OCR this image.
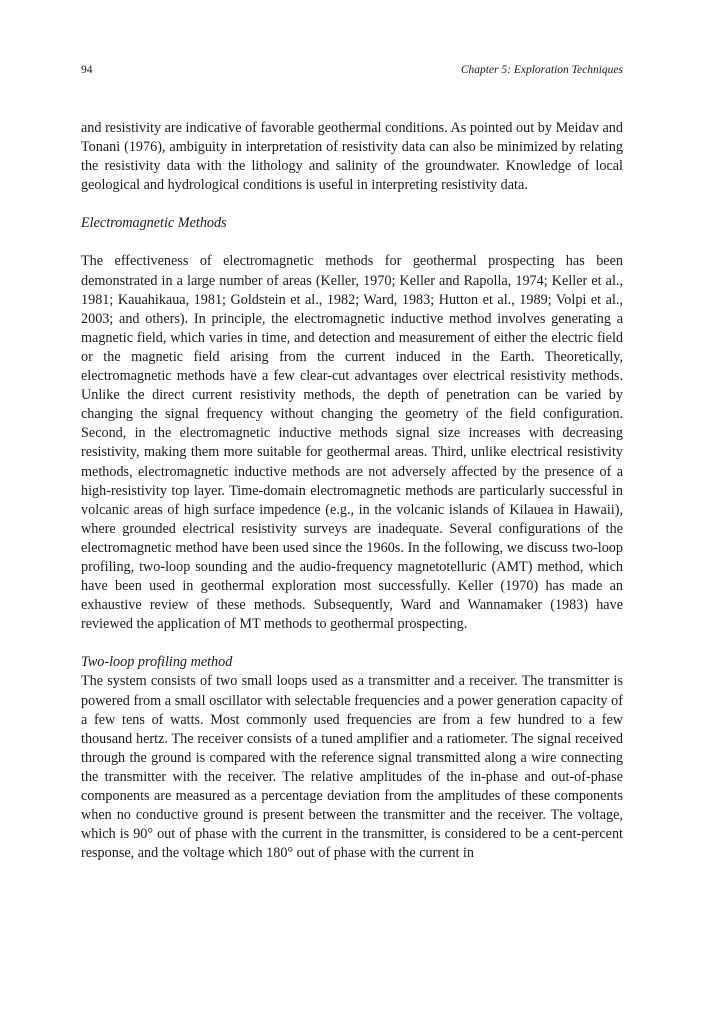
94	Chapter 5: Exploration Techniques

and resistivity are indicative of favorable geothermal conditions. As pointed out by Meidav and Tonani (1976), ambiguity in interpretation of resistivity data can also be minimized by relating the resistivity data with the lithology and salinity of the groundwater. Knowledge of local geological and hydrological conditions is useful in interpreting resistivity data.

Electromagnetic Methods

The effectiveness of electromagnetic methods for geothermal prospecting has been demonstrated in a large number of areas (Keller, 1970; Keller and Rapolla, 1974; Keller et al., 1981; Kauahikaua, 1981; Goldstein et al., 1982; Ward, 1983; Hutton et al., 1989; Volpi et al., 2003; and others). In principle, the electromagnetic inductive method involves generating a magnetic field, which varies in time, and detection and measurement of either the electric field or the magnetic field arising from the current induced in the Earth. Theoretically, electromagnetic methods have a few clear-cut advantages over electrical resistivity methods. Unlike the direct current resistivity methods, the depth of penetration can be varied by changing the signal frequency without changing the geometry of the field configuration. Second, in the electromagnetic inductive methods signal size increases with decreasing resistivity, making them more suitable for geothermal areas. Third, unlike electrical resistivity methods, electromagnetic inductive methods are not adversely affected by the presence of a high-resistivity top layer. Time-domain electromagnetic methods are particularly successful in volcanic areas of high surface impedence (e.g., in the volcanic islands of Kilauea in Hawaii), where grounded electrical resistivity surveys are inadequate. Several configurations of the electromagnetic method have been used since the 1960s. In the following, we discuss two-loop profiling, two-loop sounding and the audio-frequency magnetotelluric (AMT) method, which have been used in geothermal exploration most successfully. Keller (1970) has made an exhaustive review of these methods. Subsequently, Ward and Wannamaker (1983) have reviewed the application of MT methods to geothermal prospecting.

Two-loop profiling method

The system consists of two small loops used as a transmitter and a receiver. The transmitter is powered from a small oscillator with selectable frequencies and a power generation capacity of a few tens of watts. Most commonly used frequencies are from a few hundred to a few thousand hertz. The receiver consists of a tuned amplifier and a ratiometer. The signal received through the ground is compared with the reference signal transmitted along a wire connecting the transmitter with the receiver. The relative amplitudes of the in-phase and out-of-phase components are measured as a percentage deviation from the amplitudes of these components when no conductive ground is present between the transmitter and the receiver. The voltage, which is 90° out of phase with the current in the transmitter, is considered to be a cent-percent response, and the voltage which 180° out of phase with the current in
